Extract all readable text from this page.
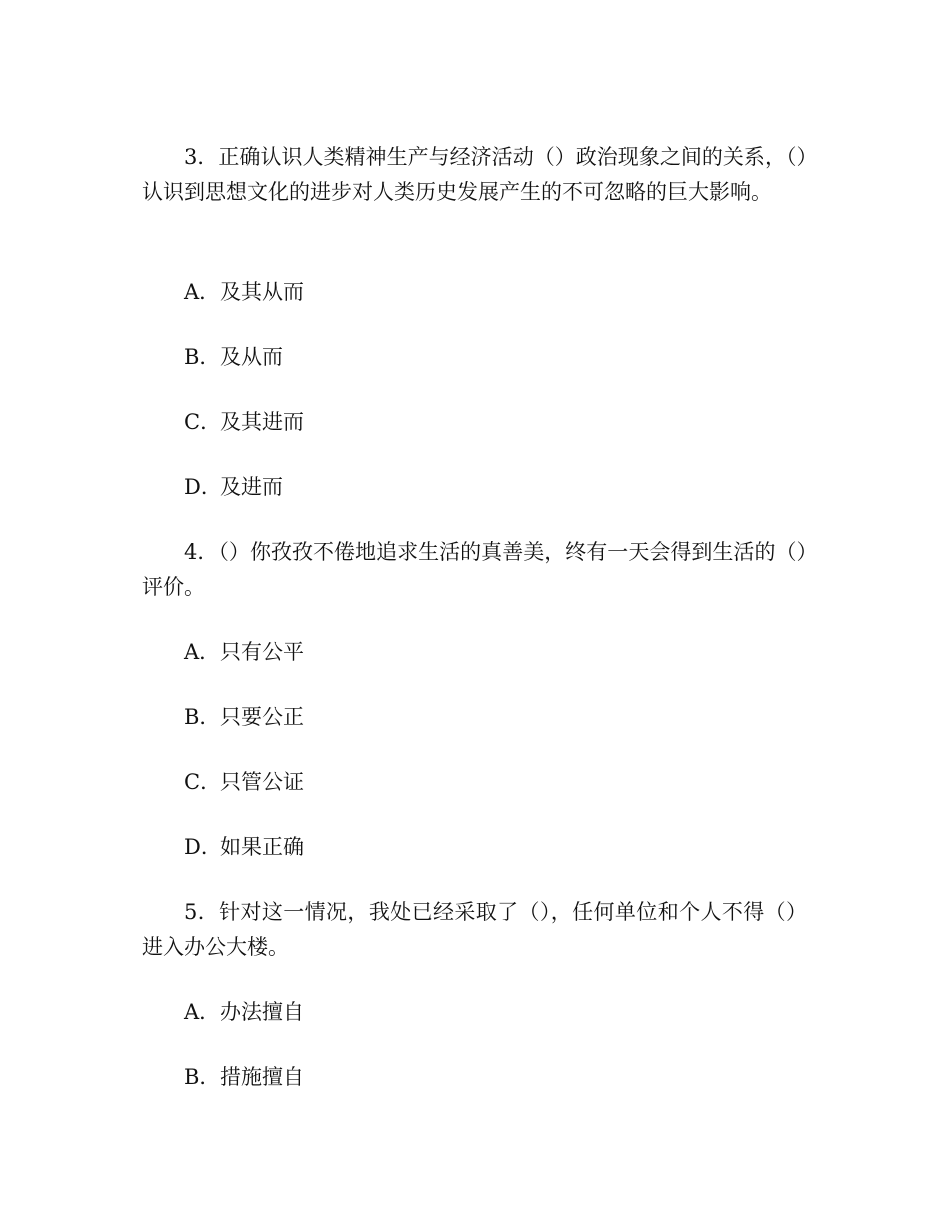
3．正确认识人类精神生产与经济活动（）政治现象之间的关系，（）认识到思想文化的进步对人类历史发展产生的不可忽略的巨大影响。

A．及其从而

B．及从而

C．及其进而

D．及进而

4．（）你孜孜不倦地追求生活的真善美，终有一天会得到生活的（）评价。

A．只有公平

B．只要公正

C．只管公证

D．如果正确

5．针对这一情况，我处已经采取了（），任何单位和个人不得（）进入办公大楼。

A．办法擅自

B．措施擅自
